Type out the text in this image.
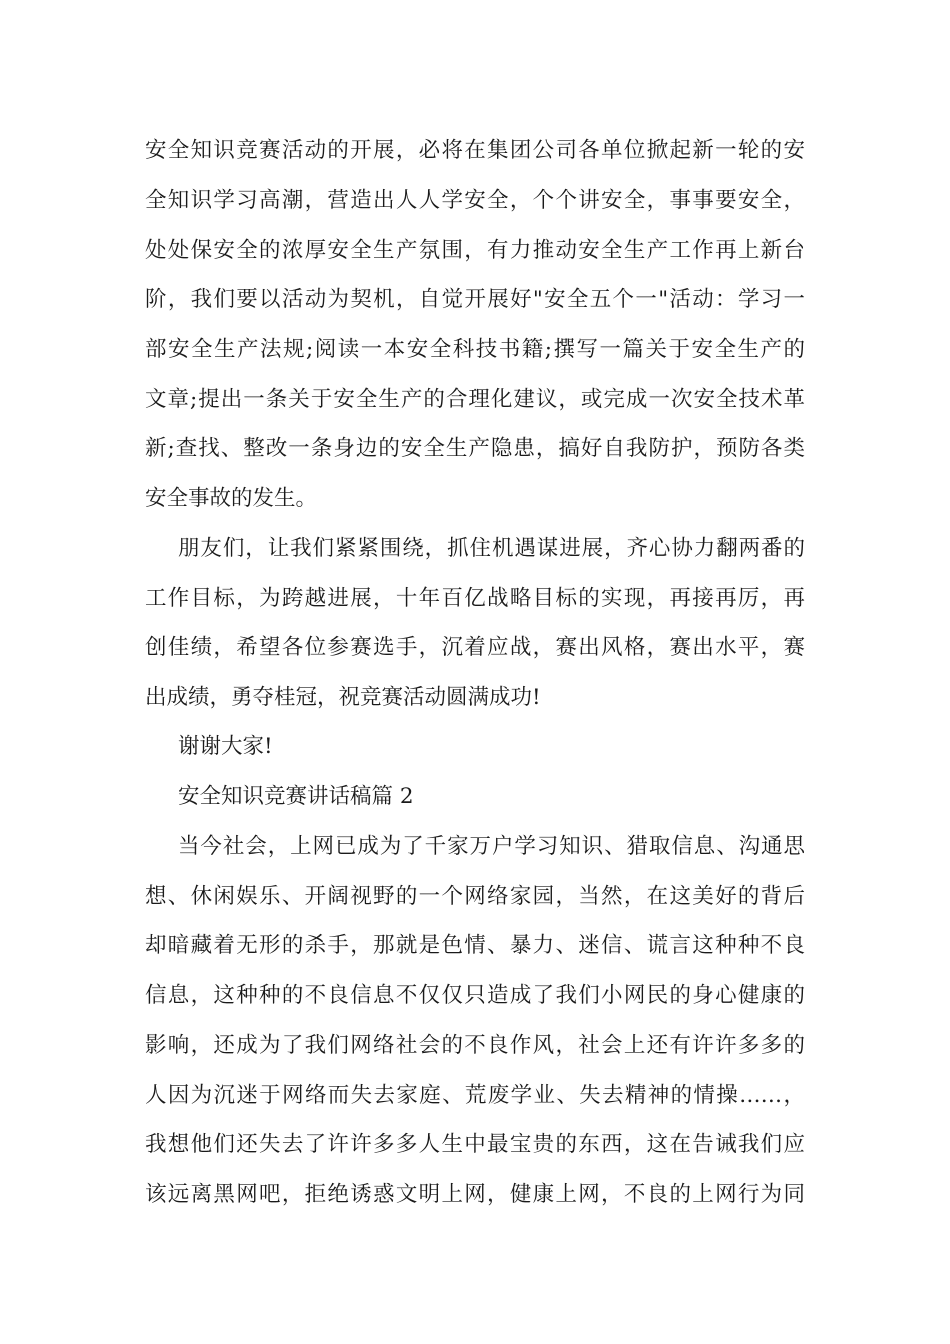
安全知识竞赛活动的开展，必将在集团公司各单位掀起新一轮的安
全知识学习高潮，营造出人人学安全，个个讲安全，事事要安全，
处处保安全的浓厚安全生产氛围，有力推动安全生产工作再上新台
阶，我们要以活动为契机，自觉开展好"安全五个一"活动：学习一
部安全生产法规;阅读一本安全科技书籍;撰写一篇关于安全生产的
文章;提出一条关于安全生产的合理化建议，或完成一次安全技术革
新;查找、整改一条身边的安全生产隐患，搞好自我防护，预防各类
安全事故的发生。
朋友们，让我们紧紧围绕，抓住机遇谋进展，齐心协力翻两番的
工作目标，为跨越进展，十年百亿战略目标的实现，再接再厉，再
创佳绩，希望各位参赛选手，沉着应战，赛出风格，赛出水平，赛
出成绩，勇夺桂冠，祝竞赛活动圆满成功!
谢谢大家!
安全知识竞赛讲话稿篇 2
当今社会，上网已成为了千家万户学习知识、猎取信息、沟通思
想、休闲娱乐、开阔视野的一个网络家园，当然，在这美好的背后
却暗藏着无形的杀手，那就是色情、暴力、迷信、谎言这种种不良
信息，这种种的不良信息不仅仅只造成了我们小网民的身心健康的
影响，还成为了我们网络社会的不良作风，社会上还有许许多多的
人因为沉迷于网络而失去家庭、荒废学业、失去精神的情操……，
我想他们还失去了许许多多人生中最宝贵的东西，这在告诫我们应
该远离黑网吧，拒绝诱惑文明上网，健康上网，不良的上网行为同
